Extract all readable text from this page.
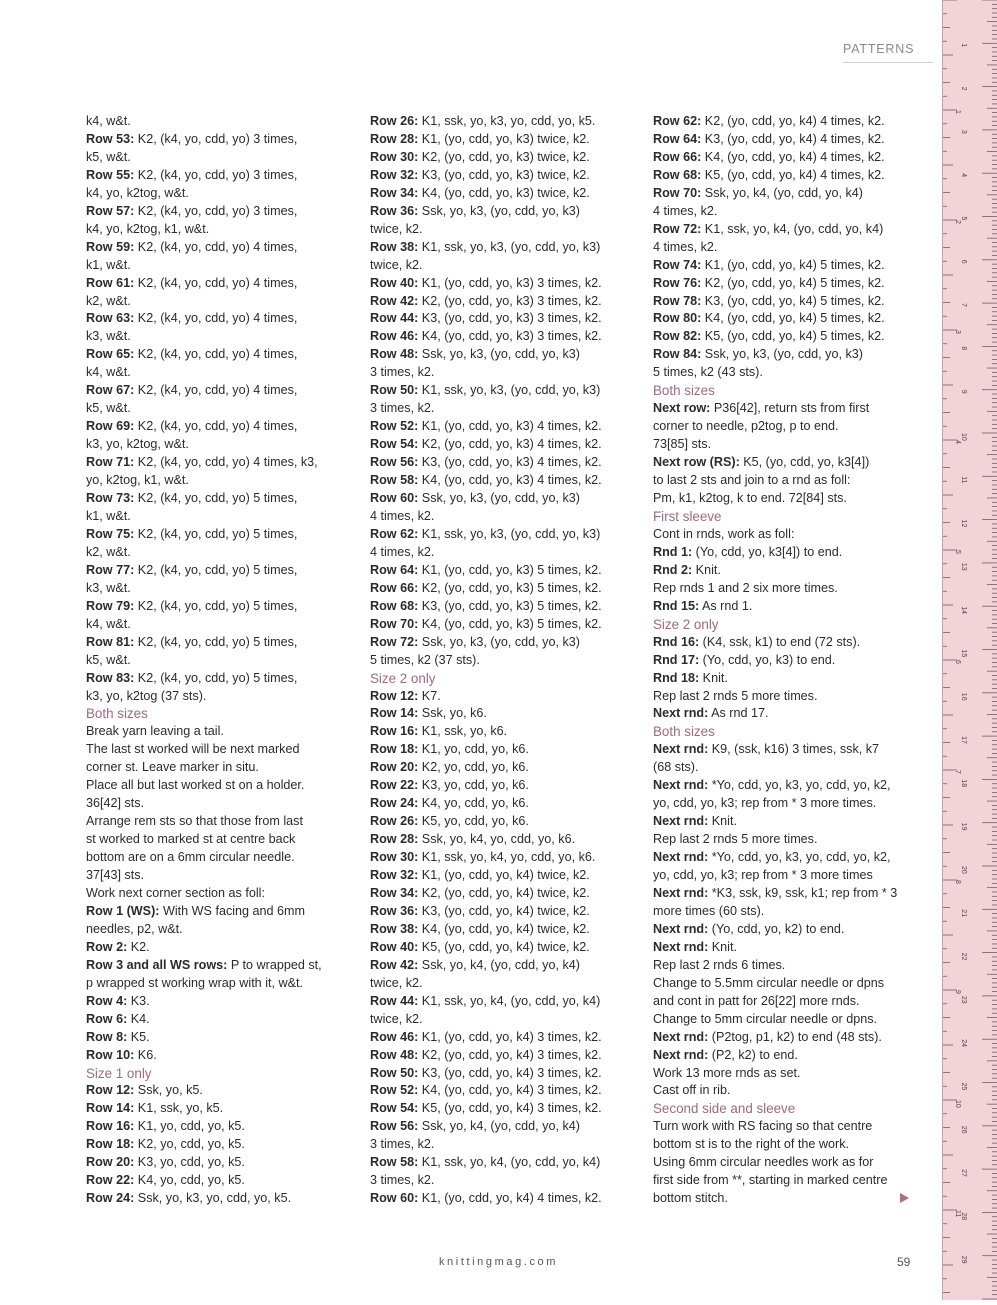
PATTERNS
k4, w&t.
Row 53: K2, (k4, yo, cdd, yo) 3 times,
k5, w&t.
Row 55: K2, (k4, yo, cdd, yo) 3 times,
k4, yo, k2tog, w&t.
Row 57: K2, (k4, yo, cdd, yo) 3 times,
k4, yo, k2tog, k1, w&t.
Row 59: K2, (k4, yo, cdd, yo) 4 times,
k1, w&t.
Row 61: K2, (k4, yo, cdd, yo) 4 times,
k2, w&t.
Row 63: K2, (k4, yo, cdd, yo) 4 times,
k3, w&t.
Row 65: K2, (k4, yo, cdd, yo) 4 times,
k4, w&t.
Row 67: K2, (k4, yo, cdd, yo) 4 times,
k5, w&t.
Row 69: K2, (k4, yo, cdd, yo) 4 times,
k3, yo, k2tog, w&t.
Row 71: K2, (k4, yo, cdd, yo) 4 times, k3,
yo, k2tog, k1, w&t.
Row 73: K2, (k4, yo, cdd, yo) 5 times,
k1, w&t.
Row 75: K2, (k4, yo, cdd, yo) 5 times,
k2, w&t.
Row 77: K2, (k4, yo, cdd, yo) 5 times,
k3, w&t.
Row 79: K2, (k4, yo, cdd, yo) 5 times,
k4, w&t.
Row 81: K2, (k4, yo, cdd, yo) 5 times,
k5, w&t.
Row 83: K2, (k4, yo, cdd, yo) 5 times,
k3, yo, k2tog (37 sts).
Both sizes
Break yarn leaving a tail.
The last st worked will be next marked
corner st. Leave marker in situ.
Place all but last worked st on a holder.
36[42] sts.
Arrange rem sts so that those from last
st worked to marked st at centre back
bottom are on a 6mm circular needle.
37[43] sts.
Work next corner section as foll:
Row 1 (WS): With WS facing and 6mm
needles, p2, w&t.
Row 2: K2.
Row 3 and all WS rows: P to wrapped st,
p wrapped st working wrap with it, w&t.
Row 4: K3.
Row 6: K4.
Row 8: K5.
Row 10: K6.
Size 1 only
Row 12: Ssk, yo, k5.
Row 14: K1, ssk, yo, k5.
Row 16: K1, yo, cdd, yo, k5.
Row 18: K2, yo, cdd, yo, k5.
Row 20: K3, yo, cdd, yo, k5.
Row 22: K4, yo, cdd, yo, k5.
Row 24: Ssk, yo, k3, yo, cdd, yo, k5.
Row 26: K1, ssk, yo, k3, yo, cdd, yo, k5.
Row 28: K1, (yo, cdd, yo, k3) twice, k2.
Row 30: K2, (yo, cdd, yo, k3) twice, k2.
Row 32: K3, (yo, cdd, yo, k3) twice, k2.
Row 34: K4, (yo, cdd, yo, k3) twice, k2.
Row 36: Ssk, yo, k3, (yo, cdd, yo, k3)
twice, k2.
Row 38: K1, ssk, yo, k3, (yo, cdd, yo, k3)
twice, k2.
Row 40: K1, (yo, cdd, yo, k3) 3 times, k2.
Row 42: K2, (yo, cdd, yo, k3) 3 times, k2.
Row 44: K3, (yo, cdd, yo, k3) 3 times, k2.
Row 46: K4, (yo, cdd, yo, k3) 3 times, k2.
Row 48: Ssk, yo, k3, (yo, cdd, yo, k3)
3 times, k2.
Row 50: K1, ssk, yo, k3, (yo, cdd, yo, k3)
3 times, k2.
Row 52: K1, (yo, cdd, yo, k3) 4 times, k2.
Row 54: K2, (yo, cdd, yo, k3) 4 times, k2.
Row 56: K3, (yo, cdd, yo, k3) 4 times, k2.
Row 58: K4, (yo, cdd, yo, k3) 4 times, k2.
Row 60: Ssk, yo, k3, (yo, cdd, yo, k3)
4 times, k2.
Row 62: K1, ssk, yo, k3, (yo, cdd, yo, k3)
4 times, k2.
Row 64: K1, (yo, cdd, yo, k3) 5 times, k2.
Row 66: K2, (yo, cdd, yo, k3) 5 times, k2.
Row 68: K3, (yo, cdd, yo, k3) 5 times, k2.
Row 70: K4, (yo, cdd, yo, k3) 5 times, k2.
Row 72: Ssk, yo, k3, (yo, cdd, yo, k3)
5 times, k2 (37 sts).
Size 2 only
Row 12: K7.
Row 14: Ssk, yo, k6.
Row 16: K1, ssk, yo, k6.
Row 18: K1, yo, cdd, yo, k6.
Row 20: K2, yo, cdd, yo, k6.
Row 22: K3, yo, cdd, yo, k6.
Row 24: K4, yo, cdd, yo, k6.
Row 26: K5, yo, cdd, yo, k6.
Row 28: Ssk, yo, k4, yo, cdd, yo, k6.
Row 30: K1, ssk, yo, k4, yo, cdd, yo, k6.
Row 32: K1, (yo, cdd, yo, k4) twice, k2.
Row 34: K2, (yo, cdd, yo, k4) twice, k2.
Row 36: K3, (yo, cdd, yo, k4) twice, k2.
Row 38: K4, (yo, cdd, yo, k4) twice, k2.
Row 40: K5, (yo, cdd, yo, k4) twice, k2.
Row 42: Ssk, yo, k4, (yo, cdd, yo, k4)
twice, k2.
Row 44: K1, ssk, yo, k4, (yo, cdd, yo, k4)
twice, k2.
Row 46: K1, (yo, cdd, yo, k4) 3 times, k2.
Row 48: K2, (yo, cdd, yo, k4) 3 times, k2.
Row 50: K3, (yo, cdd, yo, k4) 3 times, k2.
Row 52: K4, (yo, cdd, yo, k4) 3 times, k2.
Row 54: K5, (yo, cdd, yo, k4) 3 times, k2.
Row 56: Ssk, yo, k4, (yo, cdd, yo, k4)
3 times, k2.
Row 58: K1, ssk, yo, k4, (yo, cdd, yo, k4)
3 times, k2.
Row 60: K1, (yo, cdd, yo, k4) 4 times, k2.
Row 62: K2, (yo, cdd, yo, k4) 4 times, k2.
Row 64: K3, (yo, cdd, yo, k4) 4 times, k2.
Row 66: K4, (yo, cdd, yo, k4) 4 times, k2.
Row 68: K5, (yo, cdd, yo, k4) 4 times, k2.
Row 70: Ssk, yo, k4, (yo, cdd, yo, k4)
4 times, k2.
Row 72: K1, ssk, yo, k4, (yo, cdd, yo, k4)
4 times, k2.
Row 74: K1, (yo, cdd, yo, k4) 5 times, k2.
Row 76: K2, (yo, cdd, yo, k4) 5 times, k2.
Row 78: K3, (yo, cdd, yo, k4) 5 times, k2.
Row 80: K4, (yo, cdd, yo, k4) 5 times, k2.
Row 82: K5, (yo, cdd, yo, k4) 5 times, k2.
Row 84: Ssk, yo, k3, (yo, cdd, yo, k3)
5 times, k2 (43 sts).
Both sizes
Next row: P36[42], return sts from first
corner to needle, p2tog, p to end.
73[85] sts.
Next row (RS): K5, (yo, cdd, yo, k3[4])
to last 2 sts and join to a rnd as foll:
Pm, k1, k2tog, k to end. 72[84] sts.
First sleeve
Cont in rnds, work as foll:
Rnd 1: (Yo, cdd, yo, k3[4]) to end.
Rnd 2: Knit.
Rep rnds 1 and 2 six more times.
Rnd 15: As rnd 1.
Size 2 only
Rnd 16: (K4, ssk, k1) to end (72 sts).
Rnd 17: (Yo, cdd, yo, k3) to end.
Rnd 18: Knit.
Rep last 2 rnds 5 more times.
Next rnd: As rnd 17.
Both sizes
Next rnd: K9, (ssk, k16) 3 times, ssk, k7
(68 sts).
Next rnd: *Yo, cdd, yo, k3, yo, cdd, yo, k2,
yo, cdd, yo, k3; rep from * 3 more times.
Next rnd: Knit.
Rep last 2 rnds 5 more times.
Next rnd: *Yo, cdd, yo, k3, yo, cdd, yo, k2,
yo, cdd, yo, k3; rep from * 3 more times
Next rnd: *K3, ssk, k9, ssk, k1; rep from * 3
more times (60 sts).
Next rnd: (Yo, cdd, yo, k2) to end.
Next rnd: Knit.
Rep last 2 rnds 6 times.
Change to 5.5mm circular needle or dpns
and cont in patt for 26[22] more rnds.
Change to 5mm circular needle or dpns.
Next rnd: (P2tog, p1, k2) to end (48 sts).
Next rnd: (P2, k2) to end.
Work 13 more rnds as set.
Cast off in rib.
Second side and sleeve
Turn work with RS facing so that centre
bottom st is to the right of the work.
Using 6mm circular needles work as for
first side from **, starting in marked centre
bottom stitch.
knittingmag.com	59
1
2
3
4
5
6
7
8
9
10
11
1
2
3
4
5
6
7
8
9
10
11
12
13
14
15
16
17
18
19
20
21
22
23
24
25
26
27
28
29
